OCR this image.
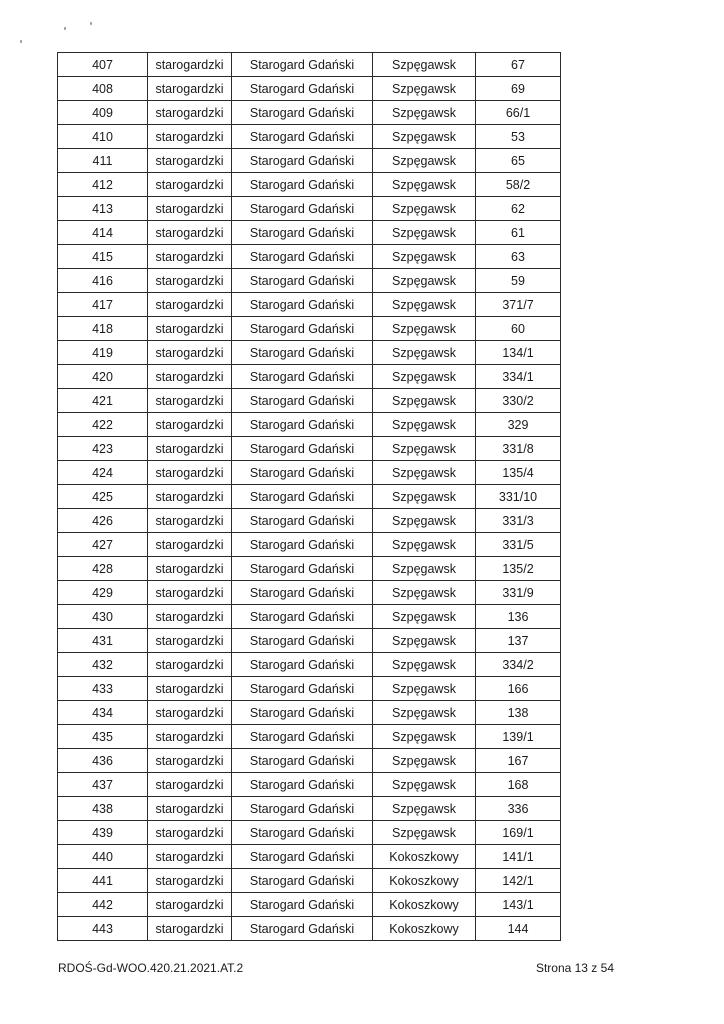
407	starogardzki	Starogard Gdański	Szpęgawsk	67
408	starogardzki	Starogard Gdański	Szpęgawsk	69
409	starogardzki	Starogard Gdański	Szpęgawsk	66/1
410	starogardzki	Starogard Gdański	Szpęgawsk	53
411	starogardzki	Starogard Gdański	Szpęgawsk	65
412	starogardzki	Starogard Gdański	Szpęgawsk	58/2
413	starogardzki	Starogard Gdański	Szpęgawsk	62
414	starogardzki	Starogard Gdański	Szpęgawsk	61
415	starogardzki	Starogard Gdański	Szpęgawsk	63
416	starogardzki	Starogard Gdański	Szpęgawsk	59
417	starogardzki	Starogard Gdański	Szpęgawsk	371/7
418	starogardzki	Starogard Gdański	Szpęgawsk	60
419	starogardzki	Starogard Gdański	Szpęgawsk	134/1
420	starogardzki	Starogard Gdański	Szpęgawsk	334/1
421	starogardzki	Starogard Gdański	Szpęgawsk	330/2
422	starogardzki	Starogard Gdański	Szpęgawsk	329
423	starogardzki	Starogard Gdański	Szpęgawsk	331/8
424	starogardzki	Starogard Gdański	Szpęgawsk	135/4
425	starogardzki	Starogard Gdański	Szpęgawsk	331/10
426	starogardzki	Starogard Gdański	Szpęgawsk	331/3
427	starogardzki	Starogard Gdański	Szpęgawsk	331/5
428	starogardzki	Starogard Gdański	Szpęgawsk	135/2
429	starogardzki	Starogard Gdański	Szpęgawsk	331/9
430	starogardzki	Starogard Gdański	Szpęgawsk	136
431	starogardzki	Starogard Gdański	Szpęgawsk	137
432	starogardzki	Starogard Gdański	Szpęgawsk	334/2
433	starogardzki	Starogard Gdański	Szpęgawsk	166
434	starogardzki	Starogard Gdański	Szpęgawsk	138
435	starogardzki	Starogard Gdański	Szpęgawsk	139/1
436	starogardzki	Starogard Gdański	Szpęgawsk	167
437	starogardzki	Starogard Gdański	Szpęgawsk	168
438	starogardzki	Starogard Gdański	Szpęgawsk	336
439	starogardzki	Starogard Gdański	Szpęgawsk	169/1
440	starogardzki	Starogard Gdański	Kokoszkowy	141/1
441	starogardzki	Starogard Gdański	Kokoszkowy	142/1
442	starogardzki	Starogard Gdański	Kokoszkowy	143/1
443	starogardzki	Starogard Gdański	Kokoszkowy	144
RDOŚ-Gd-WOO.420.21.2021.AT.2	Strona 13 z 54
